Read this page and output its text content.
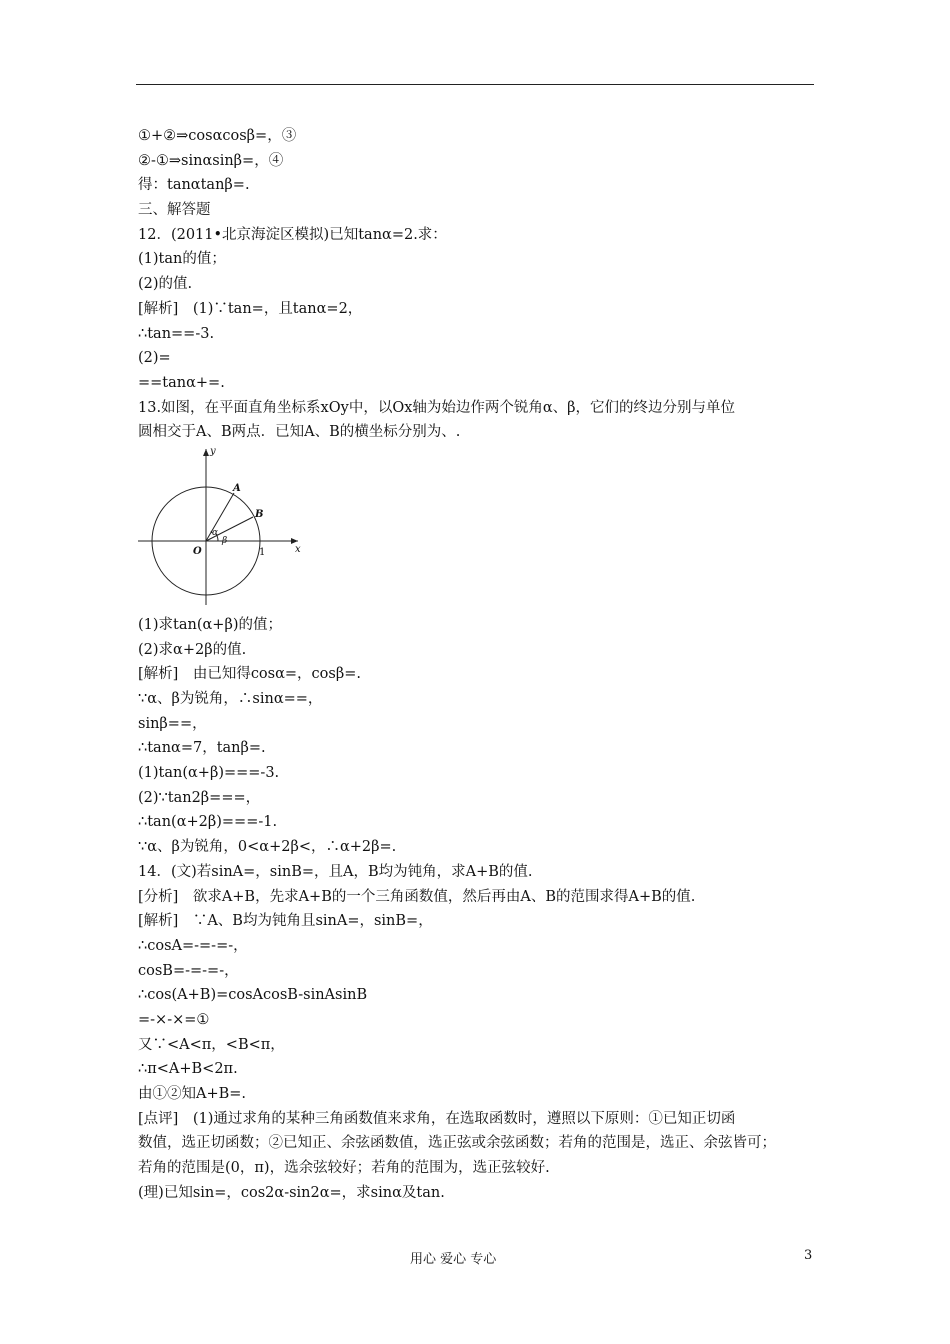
①+②⇒cosαcosβ=，③
②-①⇒sinαsinβ=，④
得：tanαtanβ=.
三、解答题
12．(2011•北京海淀区模拟)已知tanα=2.求：
(1)tan的值；
(2)的值.
[解析]　(1)∵tan=，且tanα=2，
∴tan==-3.
(2)=
==tanα+=.
13.如图，在平面直角坐标系xOy中，以Ox轴为始边作两个锐角α、β，它们的终边分别与单位
圆相交于A、B两点．已知A、B的横坐标分别为、.
y
x
O	1
A
B
α
β
(1)求tan(α+β)的值；
(2)求α+2β的值.
[解析]　由已知得cosα=，cosβ=.
∵α、β为锐角，∴sinα==，
sinβ==，
∴tanα=7，tanβ=.
(1)tan(α+β)===-3.
(2)∵tan2β===，
∴tan(α+2β)===-1.
∵α、β为锐角，0<α+2β<，∴α+2β=.
14．(文)若sinA=，sinB=，且A，B均为钝角，求A+B的值.
[分析]　欲求A+B，先求A+B的一个三角函数值，然后再由A、B的范围求得A+B的值.
[解析]　∵A、B均为钝角且sinA=，sinB=，
∴cosA=-=-=-，
cosB=-=-=-，
∴cos(A+B)=cosAcosB-sinAsinB
=-×-×=①
又∵<A<π，<B<π，
∴π<A+B<2π.
由①②知A+B=.
[点评]　(1)通过求角的某种三角函数值来求角，在选取函数时，遵照以下原则：①已知正切函
数值，选正切函数；②已知正、余弦函数值，选正弦或余弦函数；若角的范围是，选正、余弦皆可；
若角的范围是(0，π)，选余弦较好；若角的范围为，选正弦较好.
(理)已知sin=，cos2α-sin2α=，求sinα及tan.
用心 爱心 专心	3
